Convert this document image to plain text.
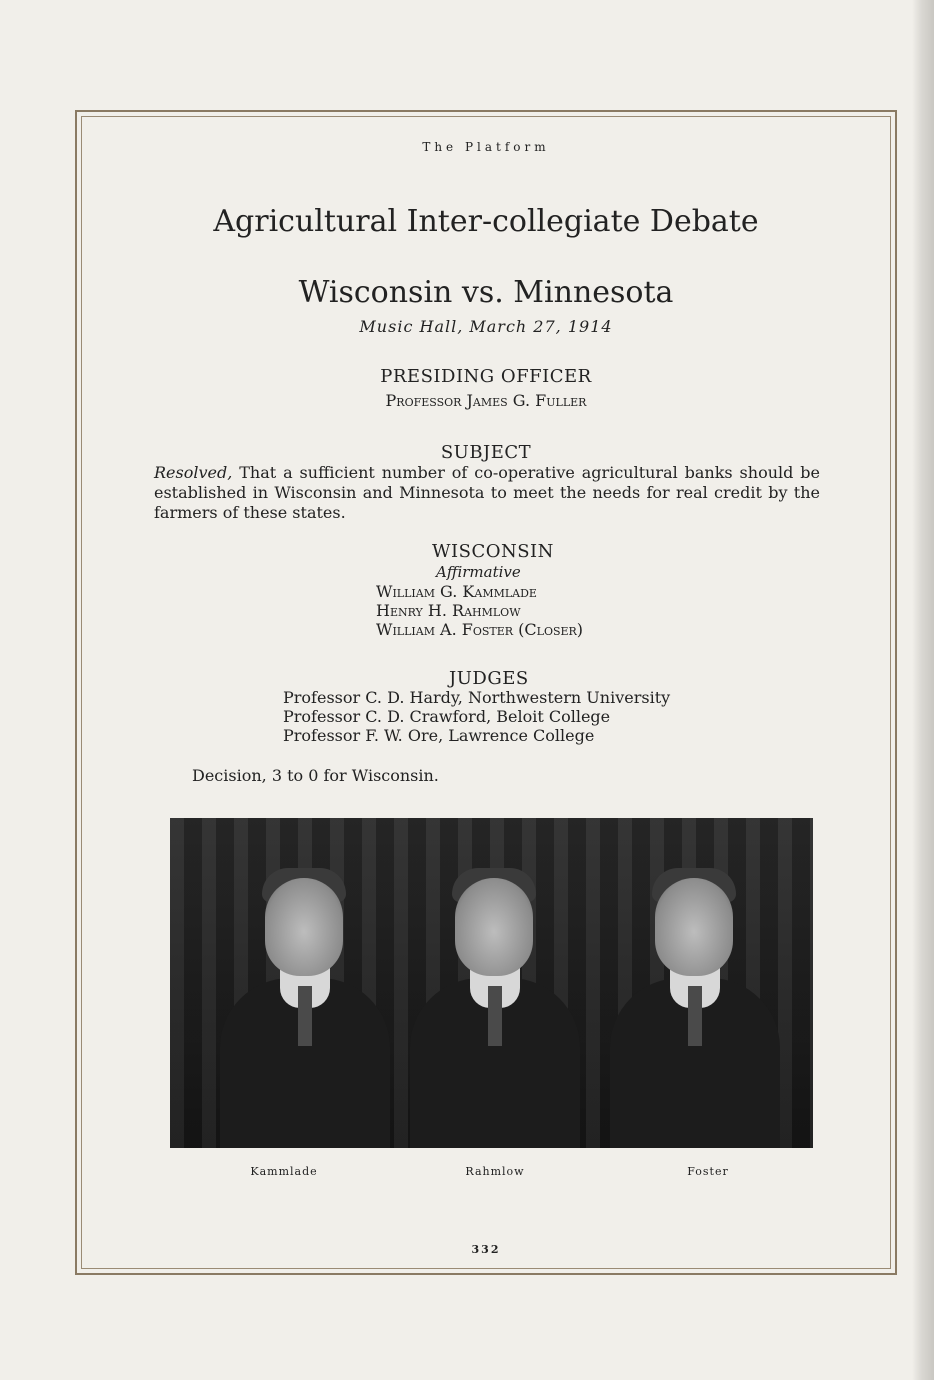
The Platform

Agricultural Inter-collegiate Debate
Wisconsin vs. Minnesota

Music Hall, March 27, 1914

PRESIDING OFFICER

Professor James G. Fuller

SUBJECT

Resolved, That a sufficient number of co-operative agricultural banks should be established in Wisconsin and Minnesota to meet the needs for real credit by the farmers of these states.

WISCONSIN

Affirmative

William G. Kammlade
Henry H. Rahmlow
William A. Foster (Closer)

JUDGES

Professor C. D. Hardy, Northwestern University
Professor C. D. Crawford, Beloit College
Professor F. W. Ore, Lawrence College

Decision, 3 to 0 for Wisconsin.

Kammlade	Rahmlow	Foster

332
